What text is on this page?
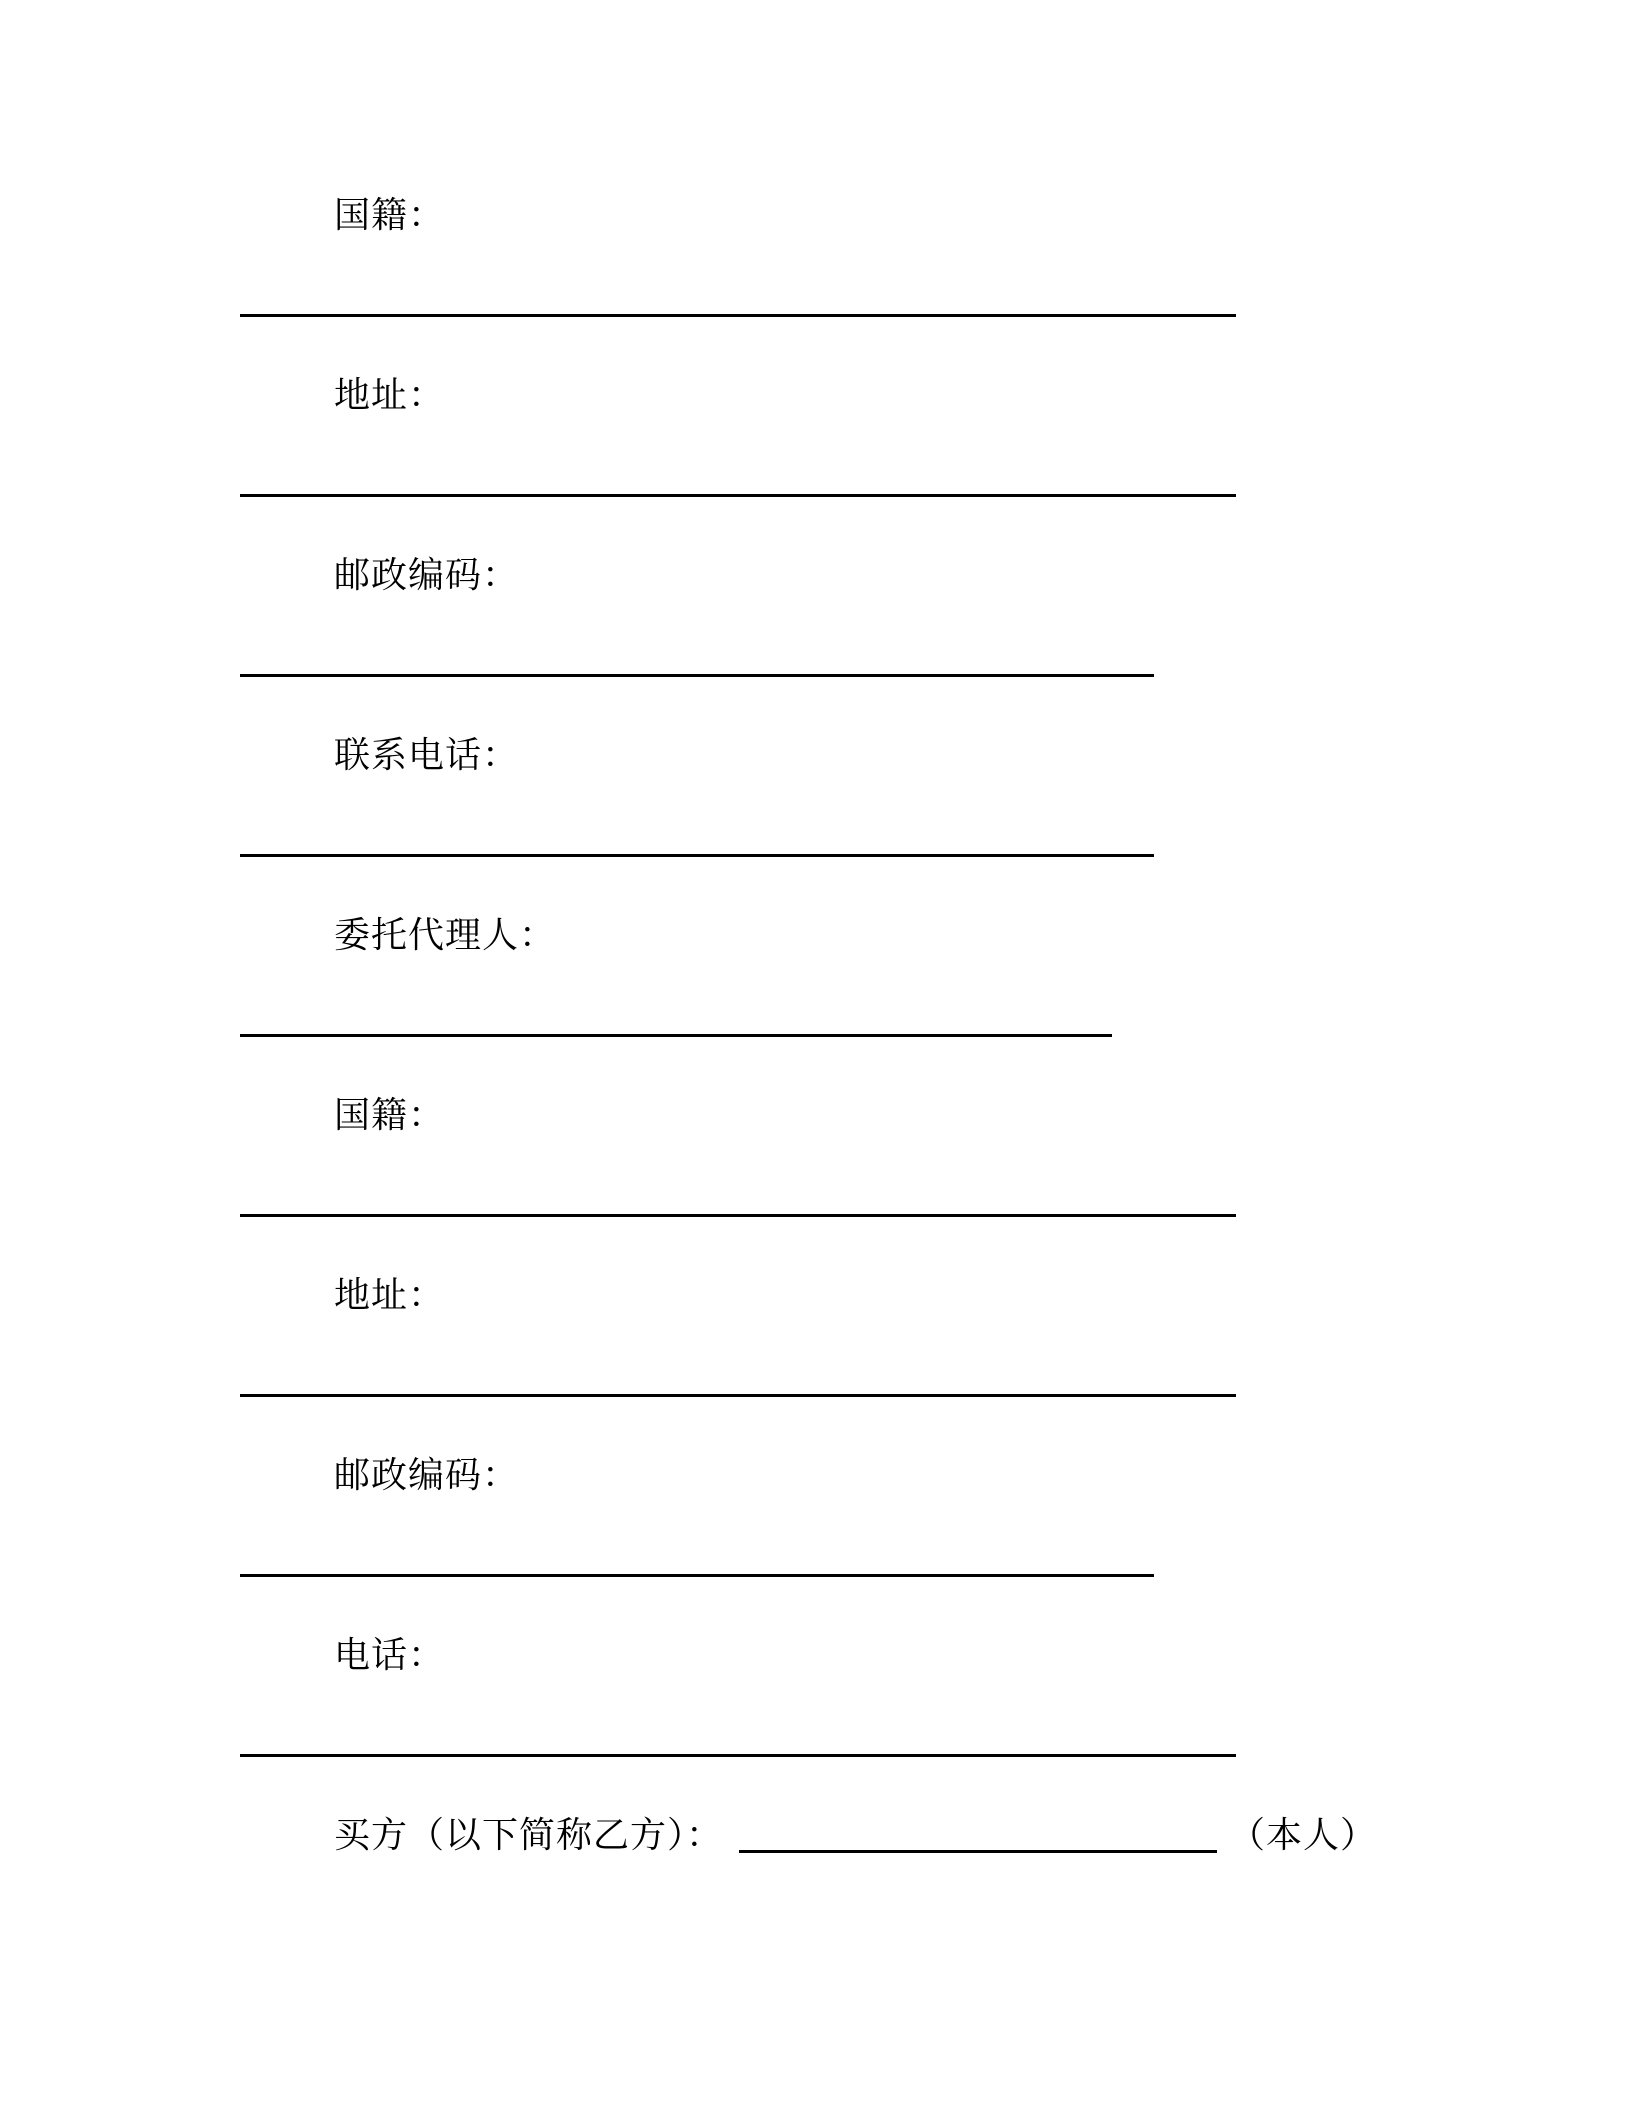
国籍：
地址：
邮政编码：
联系电话：
委托代理人：
国籍：
地址：
邮政编码：
电话：
买方（以下简称乙方）：	（本人）
